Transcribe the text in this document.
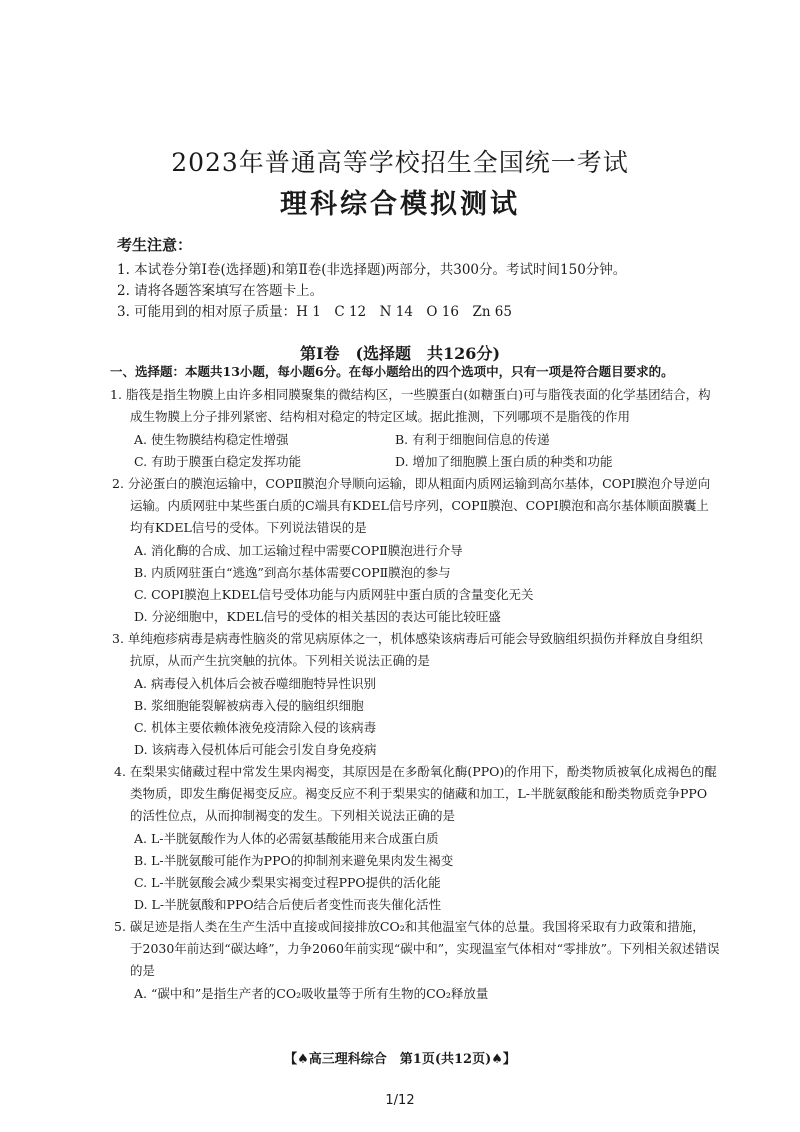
2023年普通高等学校招生全国统一考试
理科综合模拟测试
考生注意：
1. 本试卷分第Ⅰ卷(选择题)和第Ⅱ卷(非选择题)两部分，共300分。考试时间150分钟。
2. 请将各题答案填写在答题卡上。
3. 可能用到的相对原子质量：H 1　C 12　N 14　O 16　Zn 65
第Ⅰ卷　(选择题　共126分)
一、选择题：本题共13小题，每小题6分。在每小题给出的四个选项中，只有一项是符合题目要求的。
1. 脂筏是指生物膜上由许多相同膜聚集的微结构区，一些膜蛋白(如糖蛋白)可与脂筏表面的化学基团结合，构
成生物膜上分子排列紧密、结构相对稳定的特定区域。据此推测，下列哪项不是脂筏的作用
A. 使生物膜结构稳定性增强	B. 有利于细胞间信息的传递
C. 有助于膜蛋白稳定发挥功能	D. 增加了细胞膜上蛋白质的种类和功能
2. 分泌蛋白的膜泡运输中，COPⅡ膜泡介导顺向运输，即从粗面内质网运输到高尔基体，COPⅠ膜泡介导逆向
运输。内质网驻中某些蛋白质的C端具有KDEL信号序列，COPⅡ膜泡、COPⅠ膜泡和高尔基体顺面膜囊上
均有KDEL信号的受体。下列说法错误的是
A. 消化酶的合成、加工运输过程中需要COPⅡ膜泡进行介导
B. 内质网驻蛋白“逃逸”到高尔基体需要COPⅡ膜泡的参与
C. COPⅠ膜泡上KDEL信号受体功能与内质网驻中蛋白质的含量变化无关
D. 分泌细胞中，KDEL信号的受体的相关基因的表达可能比较旺盛
3. 单纯疱疹病毒是病毒性脑炎的常见病原体之一，机体感染该病毒后可能会导致脑组织损伤并释放自身组织
抗原，从而产生抗突触的抗体。下列相关说法正确的是
A. 病毒侵入机体后会被吞噬细胞特异性识别
B. 浆细胞能裂解被病毒入侵的脑组织细胞
C. 机体主要依赖体液免疫清除入侵的该病毒
D. 该病毒入侵机体后可能会引发自身免疫病
4. 在梨果实储藏过程中常发生果肉褐变，其原因是在多酚氧化酶(PPO)的作用下，酚类物质被氧化成褐色的醌
类物质，即发生酶促褐变反应。褐变反应不利于梨果实的储藏和加工，L-半胱氨酸能和酚类物质竞争PPO
的活性位点，从而抑制褐变的发生。下列相关说法正确的是
A. L-半胱氨酸作为人体的必需氨基酸能用来合成蛋白质
B. L-半胱氨酸可能作为PPO的抑制剂来避免果肉发生褐变
C. L-半胱氨酸会减少梨果实褐变过程PPO提供的活化能
D. L-半胱氨酸和PPO结合后使后者变性而丧失催化活性
5. 碳足迹是指人类在生产生活中直接或间接排放CO₂和其他温室气体的总量。我国将采取有力政策和措施，
于2030年前达到“碳达峰”，力争2060年前实现“碳中和”，实现温室气体相对“零排放”。下列相关叙述错误
的是
A. “碳中和”是指生产者的CO₂吸收量等于所有生物的CO₂释放量
【♠高三理科综合　第1页(共12页)♠】
1/12
